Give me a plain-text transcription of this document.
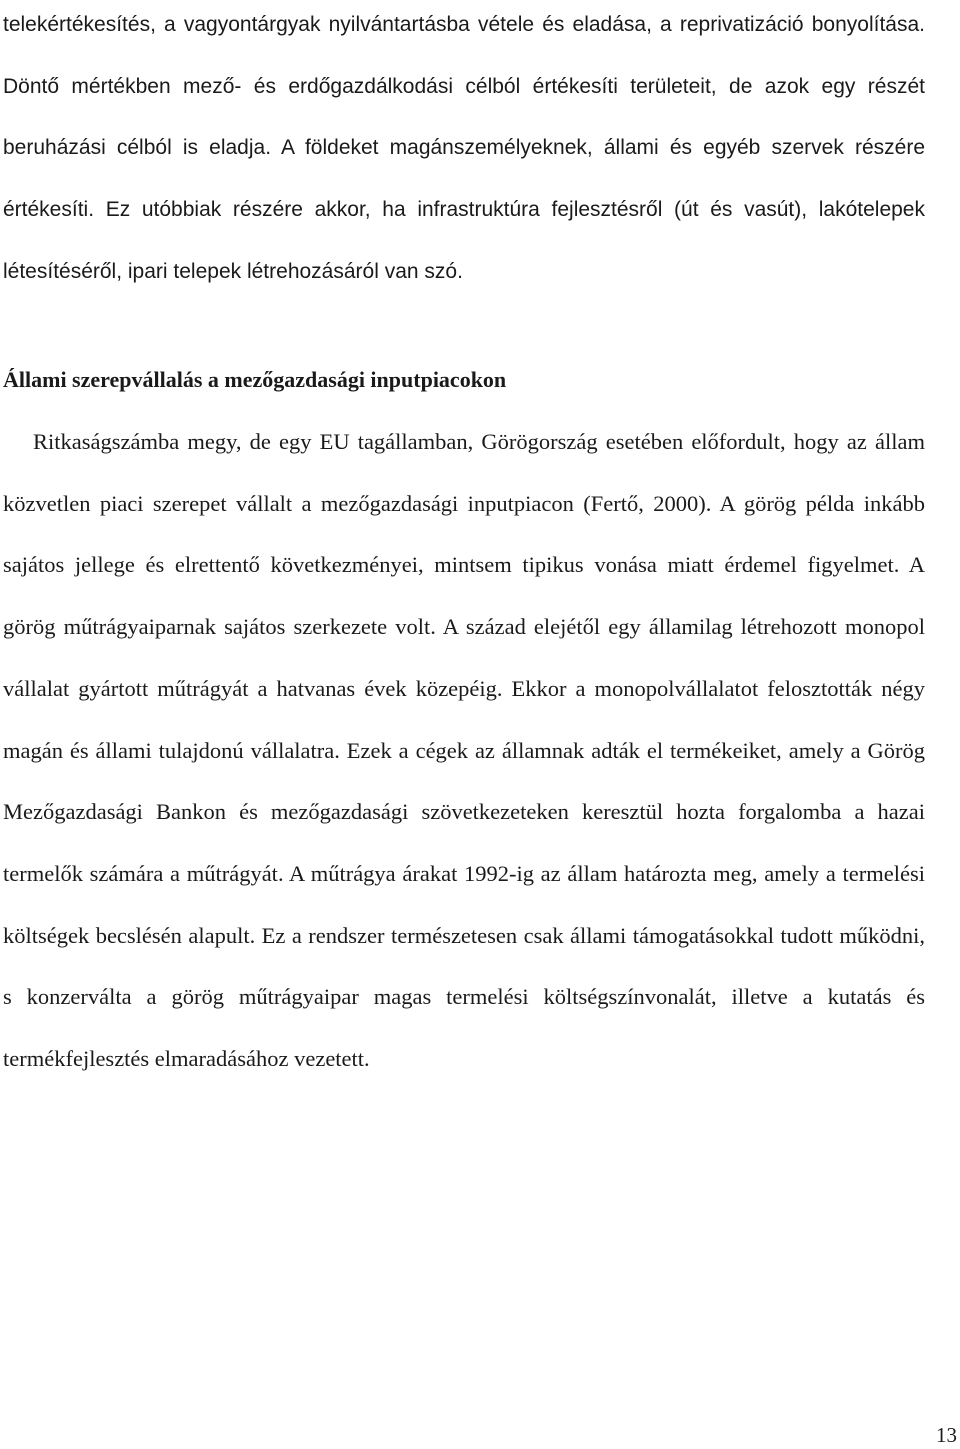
telekértékesítés, a vagyontárgyak nyilvántartásba vétele és eladása, a reprivatizáció bonyolítása. Döntő mértékben mező- és erdőgazdálkodási célból értékesíti területeit, de azok egy részét beruházási célból is eladja. A földeket magánszemélyeknek, állami és egyéb szervek részére értékesíti. Ez utóbbiak részére akkor, ha infrastruktúra fejlesztésről (út és vasút), lakótelepek létesítéséről, ipari telepek létrehozásáról van szó.

Állami szerepvállalás a mezőgazdasági inputpiacokon

Ritkaságszámba megy, de egy EU tagállamban, Görögország esetében előfordult, hogy az állam közvetlen piaci szerepet vállalt a mezőgazdasági inputpiacon (Fertő, 2000). A görög példa inkább sajátos jellege és elrettentő következményei, mintsem tipikus vonása miatt érdemel figyelmet. A görög műtrágyaiparnak sajátos szerkezete volt. A század elejétől egy államilag létrehozott monopol vállalat gyártott műtrágyát a hatvanas évek közepéig. Ekkor a monopolvállalatot felosztották négy magán és állami tulajdonú vállalatra. Ezek a cégek az államnak adták el termékeiket, amely a Görög Mezőgazdasági Bankon és mezőgazdasági szövetkezeteken keresztül hozta forgalomba a hazai termelők számára a műtrágyát. A műtrágya árakat 1992-ig az állam határozta meg, amely a termelési költségek becslésén alapult. Ez a rendszer természetesen csak állami támogatásokkal tudott működni, s konzerválta a görög műtrágyaipar magas termelési költségszínvonalát, illetve a kutatás és termékfejlesztés elmaradásához vezetett.

13
